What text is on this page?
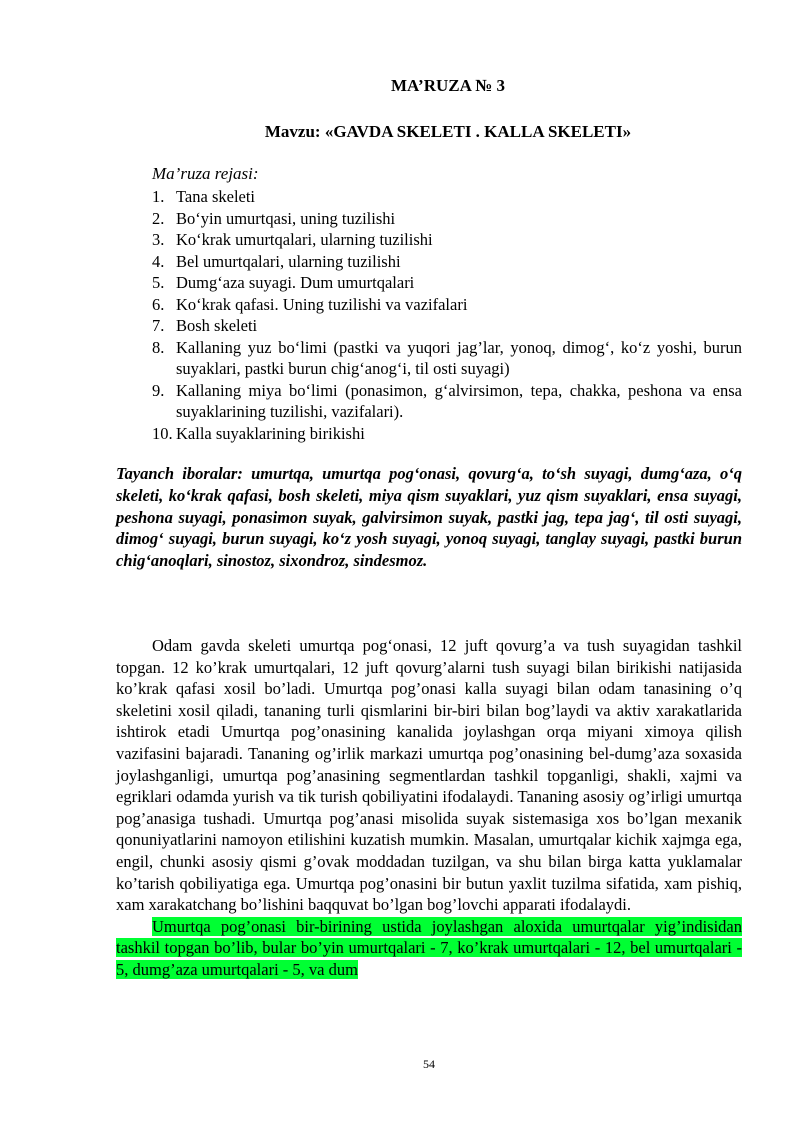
MA’RUZA № 3
Mavzu: «GAVDA SKELETI . KALLA SKELETI»
Ma’ruza rejasi:
1. Tana skeleti
2. Bo‘yin umurtqasi, uning tuzilishi
3. Ko‘krak umurtqalari, ularning tuzilishi
4. Bel umurtqalari, ularning tuzilishi
5. Dumg‘aza suyagi. Dum umurtqalari
6. Ko‘krak qafasi. Uning tuzilishi va vazifalari
7. Bosh skeleti
8. Kallaning yuz bo‘limi (pastki va yuqori jag’lar, yonoq, dimog‘, ko‘z yoshi, burun suyaklari, pastki burun chig‘anog‘i, til osti suyagi)
9. Kallaning miya bo‘limi (ponasimon, g‘alvirsimon, tepa, chakka, peshona va ensa suyaklarining tuzilishi, vazifalari).
10. Kalla suyaklarining birikishi
Tayanch iboralar: umurtqa, umurtqa pog‘onasi, qovurg‘a, to‘sh suyagi, dumg‘aza, o‘q skeleti, ko‘krak qafasi, bosh skeleti, miya qism suyaklari, yuz qism suyaklari, ensa suyagi, peshona suyagi, ponasimon suyak, galvirsimon suyak, pastki jag, tepa jag‘, til osti suyagi, dimog‘ suyagi, burun suyagi, ko‘z yosh suyagi, yonoq suyagi, tanglay suyagi, pastki burun chig‘anoqlari, sinostoz, sixondroz, sindesmoz.

Odam gavda skeleti umurtqa pog‘onasi, 12 juft qovurg’a va tush suyagidan tashkil topgan. 12 ko’krak umurtqalari, 12 juft qovurg’alarni tush suyagi bilan birikishi natijasida ko’krak qafasi xosil bo’ladi. Umurtqa pog’onasi kalla suyagi bilan odam tanasining o’q skeletini xosil qiladi, tananing turli qismlarini bir-biri bilan bog’laydi va aktiv xarakatlarida ishtirok etadi Umurtqa pog’onasining kanalida joylashgan orqa miyani ximoya qilish vazifasini bajaradi. Tananing og’irlik markazi umurtqa pog’onasining bel-dumg’aza soxasida joylashganligi, umurtqa pog’anasining segmentlardan tashkil topganligi, shakli, xajmi va egriklari odamda yurish va tik turish qobiliyatini ifodalaydi. Tananing asosiy og’irligi umurtqa pog’anasiga tushadi. Umurtqa pog’anasi misolida suyak sistemasiga xos bo’lgan mexanik qonuniyatlarini namoyon etilishini kuzatish mumkin. Masalan, umurtqalar kichik xajmga ega, engil, chunki asosiy qismi g’ovak moddadan tuzilgan, va shu bilan birga katta yuklamalar ko’tarish qobiliyatiga ega. Umurtqa pog’onasini bir butun yaxlit tuzilma sifatida, xam pishiq, xam xarakatchang bo’lishini baqquvat bo’lgan bog’lovchi apparati ifodalaydi.

Umurtqa pog’onasi bir-birining ustida joylashgan aloxida umurtqalar yig’indisidan tashkil topgan bo’lib, bular bo’yin umurtqalari - 7, ko’krak umurtqalari - 12, bel umurtqalari - 5, dumg’aza umurtqalari - 5, va dum

54
